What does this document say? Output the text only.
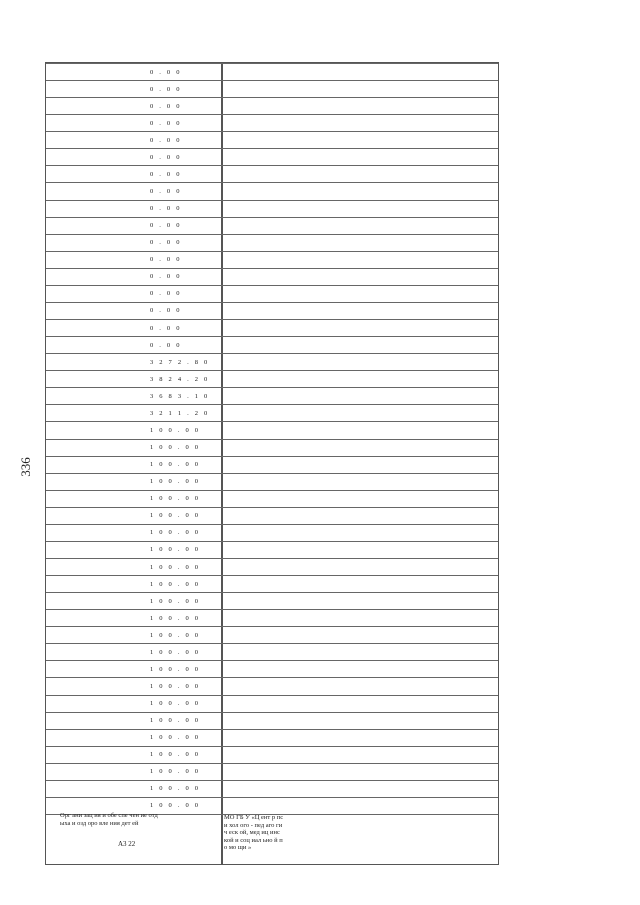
336
0 . 0 0
0 . 0 0
0 . 0 0
0 . 0 0
0 . 0 0
0 . 0 0
0 . 0 0
0 . 0 0
0 . 0 0
0 . 0 0
0 . 0 0
0 . 0 0
0 . 0 0
0 . 0 0
0 . 0 0
0 . 0 0
0 . 0 0
3 2 7 2 . 8 0
3 8 2 4 . 2 0
3 6 8 3 . 1 0
3 2 1 1 . 2 0
1 0 0 . 0 0
1 0 0 . 0 0
1 0 0 . 0 0
1 0 0 . 0 0
1 0 0 . 0 0
1 0 0 . 0 0
1 0 0 . 0 0
1 0 0 . 0 0
1 0 0 . 0 0
1 0 0 . 0 0
1 0 0 . 0 0
1 0 0 . 0 0
1 0 0 . 0 0
1 0 0 . 0 0
1 0 0 . 0 0
1 0 0 . 0 0
1 0 0 . 0 0
1 0 0 . 0 0
1 0 0 . 0 0
1 0 0 . 0 0
1 0 0 . 0 0
1 0 0 . 0 0
1 0 0 . 0 0
Орг ани зац ия и обе спе чен ие отд ыха и озд оро вле ния дет ей
А3 22
МО ГБ У «Ц ент р пси хол ого - пед аго гич еск ой, мед иц инс кой и соц иал ьно й по мо щи »
